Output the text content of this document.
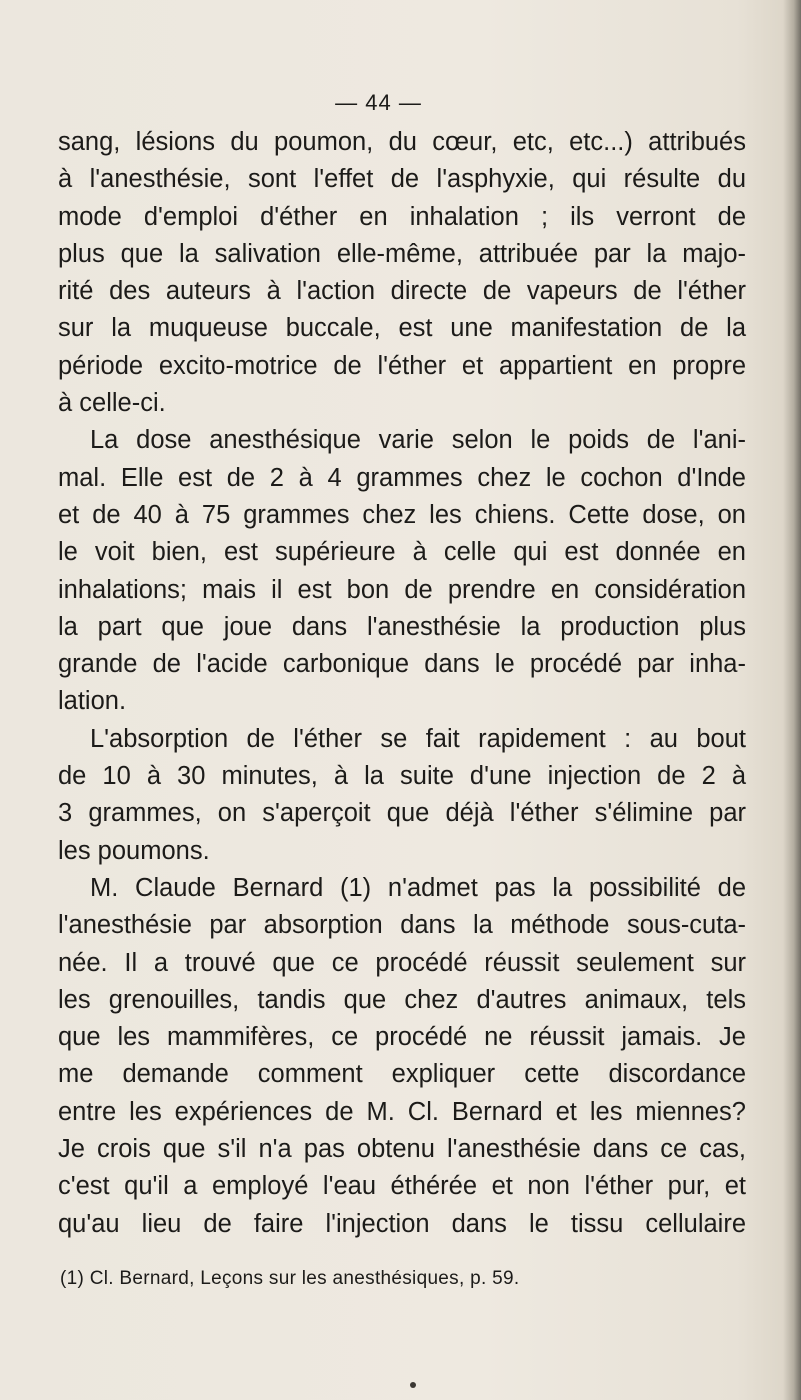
— 44 —
sang, lésions du poumon, du cœur, etc, etc...) attribués
à l'anesthésie, sont l'effet de l'asphyxie, qui résulte du
mode d'emploi d'éther en inhalation ; ils verront de
plus que la salivation elle-même, attribuée par la majo-
rité des auteurs à l'action directe de vapeurs de l'éther
sur la muqueuse buccale, est une manifestation de la
période excito-motrice de l'éther et appartient en propre
à celle-ci.
La dose anesthésique varie selon le poids de l'ani-
mal. Elle est de 2 à 4 grammes chez le cochon d'Inde
et de 40 à 75 grammes chez les chiens. Cette dose, on
le voit bien, est supérieure à celle qui est donnée en
inhalations; mais il est bon de prendre en considération
la part que joue dans l'anesthésie la production plus
grande de l'acide carbonique dans le procédé par inha-
lation.
L'absorption de l'éther se fait rapidement : au bout
de 10 à 30 minutes, à la suite d'une injection de 2 à
3 grammes, on s'aperçoit que déjà l'éther s'élimine par
les poumons.
M. Claude Bernard (1) n'admet pas la possibilité de
l'anesthésie par absorption dans la méthode sous-cuta-
née. Il a trouvé que ce procédé réussit seulement sur
les grenouilles, tandis que chez d'autres animaux, tels
que les mammifères, ce procédé ne réussit jamais. Je
me demande comment expliquer cette discordance
entre les expériences de M. Cl. Bernard et les miennes?
Je crois que s'il n'a pas obtenu l'anesthésie dans ce cas,
c'est qu'il a employé l'eau éthérée et non l'éther pur, et
qu'au lieu de faire l'injection dans le tissu cellulaire
(1) Cl. Bernard, Leçons sur les anesthésiques, p. 59.
